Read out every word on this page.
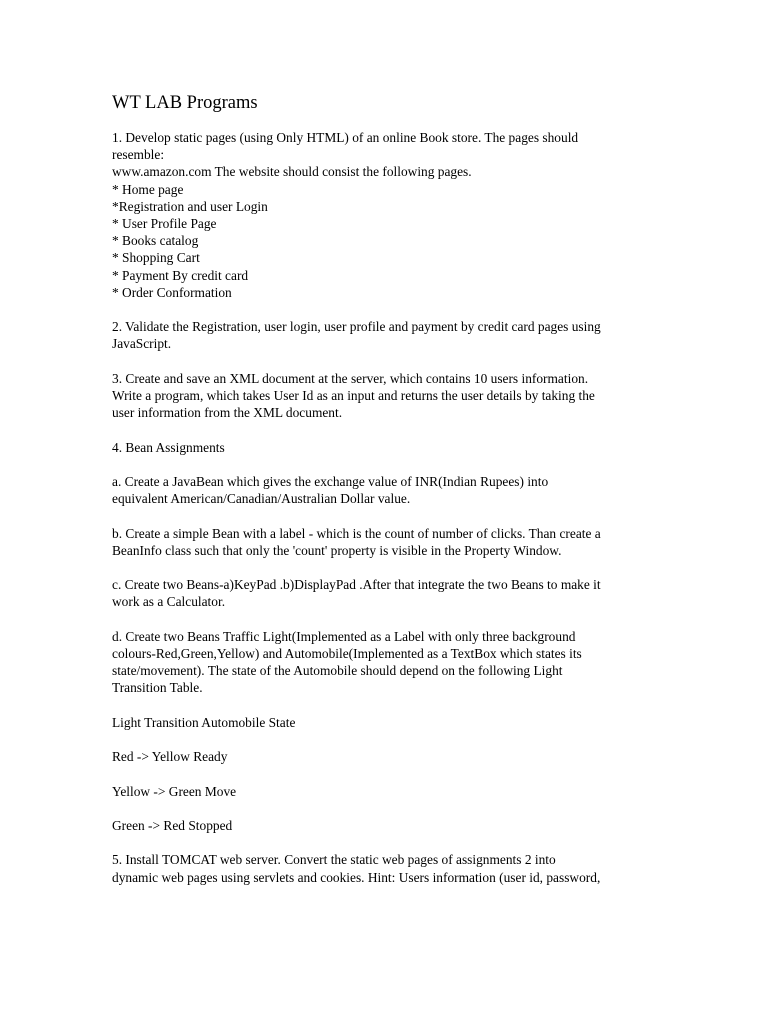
WT LAB Programs
1. Develop static pages (using Only HTML) of an online Book store. The pages should
resemble:
www.amazon.com The website should consist the following pages.
* Home page
*Registration and user Login
* User Profile Page
* Books catalog
* Shopping Cart
* Payment By credit card
* Order Conformation
2. Validate the Registration, user login, user profile and payment by credit card pages using
JavaScript.
3. Create and save an XML document at the server, which contains 10 users information.
Write a program, which takes User Id as an input and returns the user details by taking the
user information from the XML document.
4. Bean Assignments
a. Create a JavaBean which gives the exchange value of INR(Indian Rupees) into
equivalent American/Canadian/Australian Dollar value.
b. Create a simple Bean with a label - which is the count of number of clicks. Than create a
BeanInfo class such that only the 'count' property is visible in the Property Window.
c. Create two Beans-a)KeyPad .b)DisplayPad .After that integrate the two Beans to make it
work as a Calculator.
d. Create two Beans Traffic Light(Implemented as a Label with only three background
colours-Red,Green,Yellow) and Automobile(Implemented as a TextBox which states its
state/movement). The state of the Automobile should depend on the following Light
Transition Table.
Light Transition Automobile State
Red -> Yellow Ready
Yellow -> Green Move
Green -> Red Stopped
5. Install TOMCAT web server. Convert the static web pages of assignments 2 into
dynamic web pages using servlets and cookies. Hint: Users information (user id, password,
